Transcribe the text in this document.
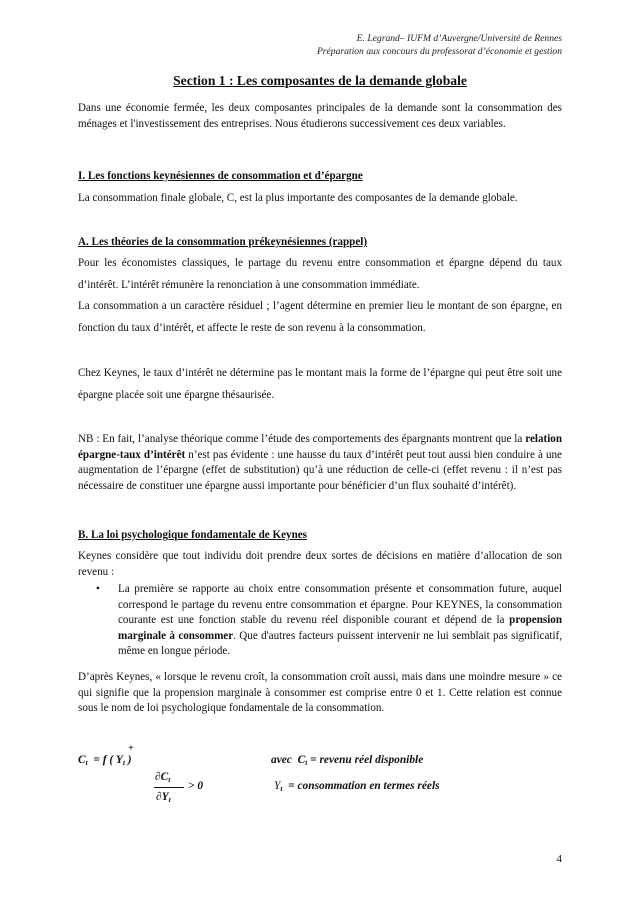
E. Legrand– IUFM d’Auvergne/Université de Rennes
Préparation aux concours du professorat d’économie et gestion
Section 1 : Les composantes de la demande globale
Dans une économie fermée, les deux composantes principales de la demande sont la consommation des ménages et l'investissement des entreprises. Nous étudierons successivement ces deux variables.
I. Les fonctions keynésiennes de consommation et d’épargne
La consommation finale globale, C, est la plus importante des composantes de la demande globale.
A. Les théories de la consommation prékeynésiennes (rappel)
Pour les économistes classiques, le partage du revenu entre consommation et épargne dépend du taux d’intérêt. L’intérêt rémunère la renonciation à une consommation immédiate.
La consommation a un caractère résiduel ; l’agent détermine en premier lieu le montant de son épargne, en fonction du taux d’intérêt, et affecte le reste de son revenu à la consommation.
Chez Keynes, le taux d’intérêt ne détermine pas le montant mais la forme de l’épargne qui peut être soit une épargne placée soit une épargne thésaurisée.
NB : En fait, l’analyse théorique comme l’étude des comportements des épargnants montrent que la relation épargne-taux d’intérêt n’est pas évidente : une hausse du taux d’intérêt peut tout aussi bien conduire à une augmentation de l’épargne (effet de substitution) qu’à une réduction de celle-ci (effet revenu : il n’est pas nécessaire de constituer une épargne aussi importante pour bénéficier d’un flux souhaité d’intérêt).
B. La loi psychologique fondamentale de Keynes
Keynes considère que tout individu doit prendre deux sortes de décisions en matière d’allocation de son revenu :
•	La première se rapporte au choix entre consommation présente et consommation future, auquel correspond le partage du revenu entre consommation et épargne. Pour KEYNES, la consommation courante est une fonction stable du revenu réel disponible courant et dépend de la propension marginale à consommer. Que d'autres facteurs puissent intervenir ne lui semblait pas significatif, même en longue période.
D’après Keynes, « lorsque le revenu croît, la consommation croît aussi, mais dans une moindre mesure » ce qui signifie que la propension marginale à consommer est comprise entre 0 et 1. Cette relation est connue sous le nom de loi psychologique fondamentale de la consommation.
$C_t = f$ ( $Y_t$ )
+
$\partial C_t$
$\partial Y_t$
> 0
avec $C_t$ = revenu réel disponible
$Y_t$ = consommation en termes réels
4
